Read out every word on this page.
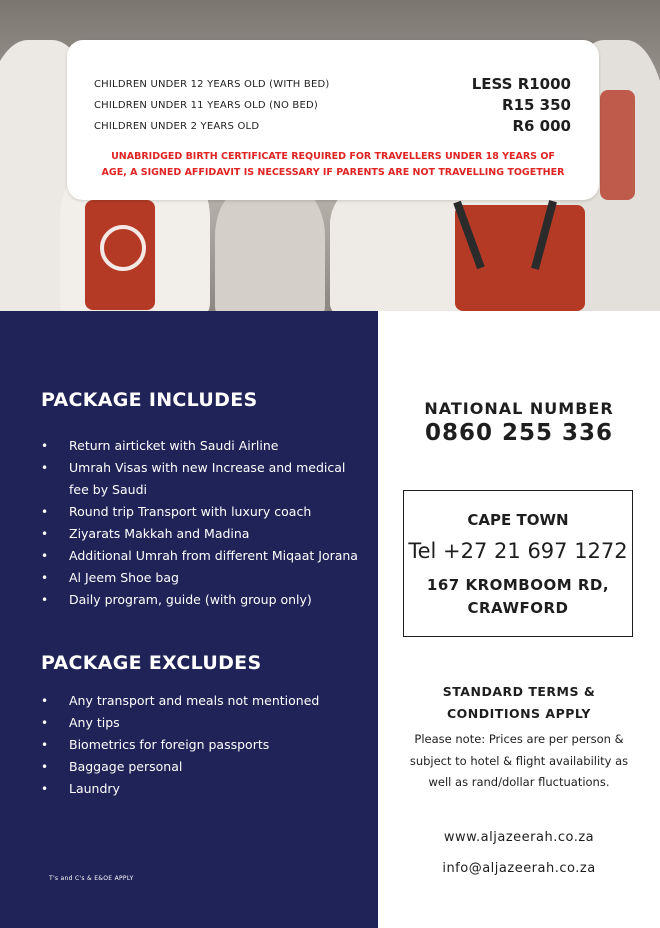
CHILDREN UNDER 12 YEARS OLD (WITH BED)	LESS R1000
CHILDREN UNDER 11 YEARS OLD (NO BED)	R15 350
CHILDREN UNDER 2 YEARS OLD	R6 000
UNABRIDGED BIRTH CERTIFICATE REQUIRED FOR TRAVELLERS UNDER 18 YEARS OF
AGE, A SIGNED AFFIDAVIT IS NECESSARY IF PARENTS ARE NOT TRAVELLING TOGETHER
PACKAGE INCLUDES
• Return airticket with Saudi Airline
• Umrah Visas with new Increase and medical fee by Saudi
• Round trip Transport with luxury coach
• Ziyarats Makkah and Madina
• Additional Umrah from different Miqaat Jorana
• Al Jeem Shoe bag
• Daily program, guide (with group only)
PACKAGE EXCLUDES
• Any transport and meals not mentioned
• Any tips
• Biometrics for foreign passports
• Baggage personal
• Laundry
T's and C's & E&OE APPLY
NATIONAL NUMBER
0860 255 336
CAPE TOWN
Tel +27 21 697 1272
167 KROMBOOM RD,
CRAWFORD
STANDARD TERMS &
CONDITIONS APPLY
Please note: Prices are per person & subject to hotel & flight availability as well as rand/dollar fluctuations.
www.aljazeerah.co.za
info@aljazeerah.co.za
